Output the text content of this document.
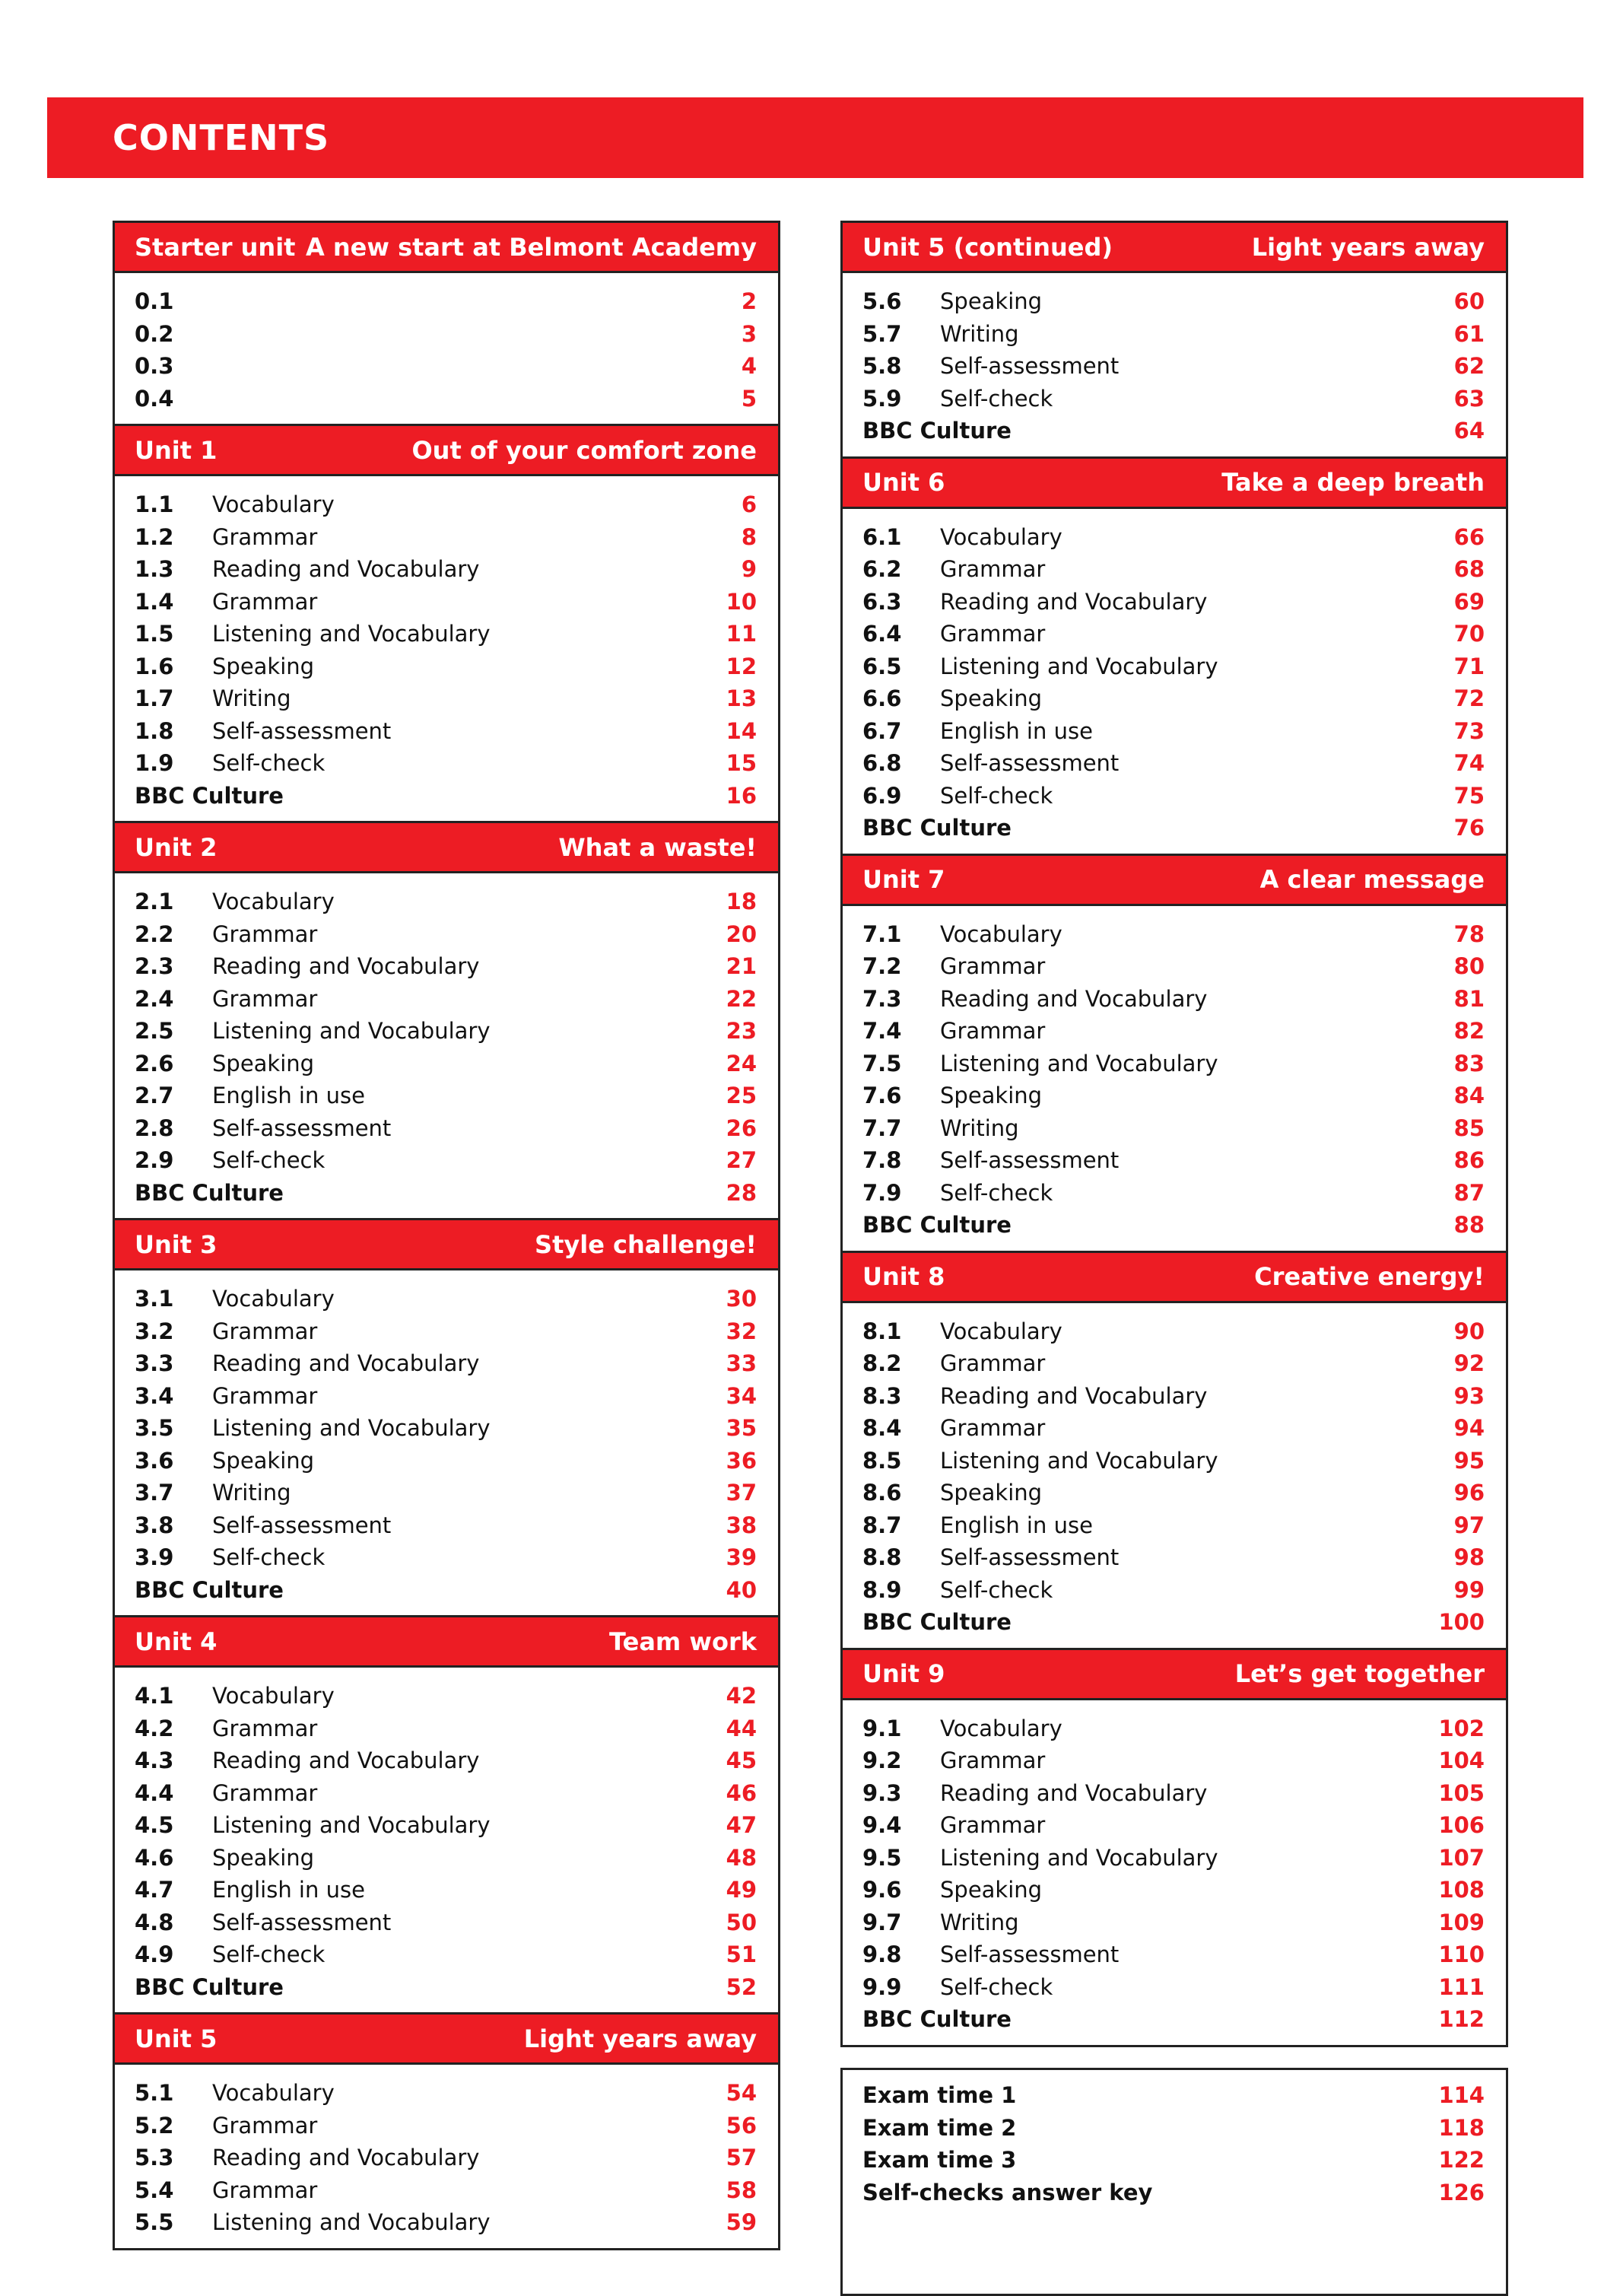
CONTENTS
Starter unit A new start at Belmont Academy
0.1	2
0.2	3
0.3	4
0.4	5
Unit 1	Out of your comfort zone
1.1	Vocabulary	6
1.2	Grammar	8
1.3	Reading and Vocabulary	9
1.4	Grammar	10
1.5	Listening and Vocabulary	11
1.6	Speaking	12
1.7	Writing	13
1.8	Self-assessment	14
1.9	Self-check	15
BBC Culture	16
Unit 2	What a waste!
2.1	Vocabulary	18
2.2	Grammar	20
2.3	Reading and Vocabulary	21
2.4	Grammar	22
2.5	Listening and Vocabulary	23
2.6	Speaking	24
2.7	English in use	25
2.8	Self-assessment	26
2.9	Self-check	27
BBC Culture	28
Unit 3	Style challenge!
3.1	Vocabulary	30
3.2	Grammar	32
3.3	Reading and Vocabulary	33
3.4	Grammar	34
3.5	Listening and Vocabulary	35
3.6	Speaking	36
3.7	Writing	37
3.8	Self-assessment	38
3.9	Self-check	39
BBC Culture	40
Unit 4	Team work
4.1	Vocabulary	42
4.2	Grammar	44
4.3	Reading and Vocabulary	45
4.4	Grammar	46
4.5	Listening and Vocabulary	47
4.6	Speaking	48
4.7	English in use	49
4.8	Self-assessment	50
4.9	Self-check	51
BBC Culture	52
Unit 5	Light years away
5.1	Vocabulary	54
5.2	Grammar	56
5.3	Reading and Vocabulary	57
5.4	Grammar	58
5.5	Listening and Vocabulary	59
Unit 5 (continued)	Light years away
5.6	Speaking	60
5.7	Writing	61
5.8	Self-assessment	62
5.9	Self-check	63
BBC Culture	64
Unit 6	Take a deep breath
6.1	Vocabulary	66
6.2	Grammar	68
6.3	Reading and Vocabulary	69
6.4	Grammar	70
6.5	Listening and Vocabulary	71
6.6	Speaking	72
6.7	English in use	73
6.8	Self-assessment	74
6.9	Self-check	75
BBC Culture	76
Unit 7	A clear message
7.1	Vocabulary	78
7.2	Grammar	80
7.3	Reading and Vocabulary	81
7.4	Grammar	82
7.5	Listening and Vocabulary	83
7.6	Speaking	84
7.7	Writing	85
7.8	Self-assessment	86
7.9	Self-check	87
BBC Culture	88
Unit 8	Creative energy!
8.1	Vocabulary	90
8.2	Grammar	92
8.3	Reading and Vocabulary	93
8.4	Grammar	94
8.5	Listening and Vocabulary	95
8.6	Speaking	96
8.7	English in use	97
8.8	Self-assessment	98
8.9	Self-check	99
BBC Culture	100
Unit 9	Let’s get together
9.1	Vocabulary	102
9.2	Grammar	104
9.3	Reading and Vocabulary	105
9.4	Grammar	106
9.5	Listening and Vocabulary	107
9.6	Speaking	108
9.7	Writing	109
9.8	Self-assessment	110
9.9	Self-check	111
BBC Culture	112
Exam time 1	114
Exam time 2	118
Exam time 3	122
Self-checks answer key	126
